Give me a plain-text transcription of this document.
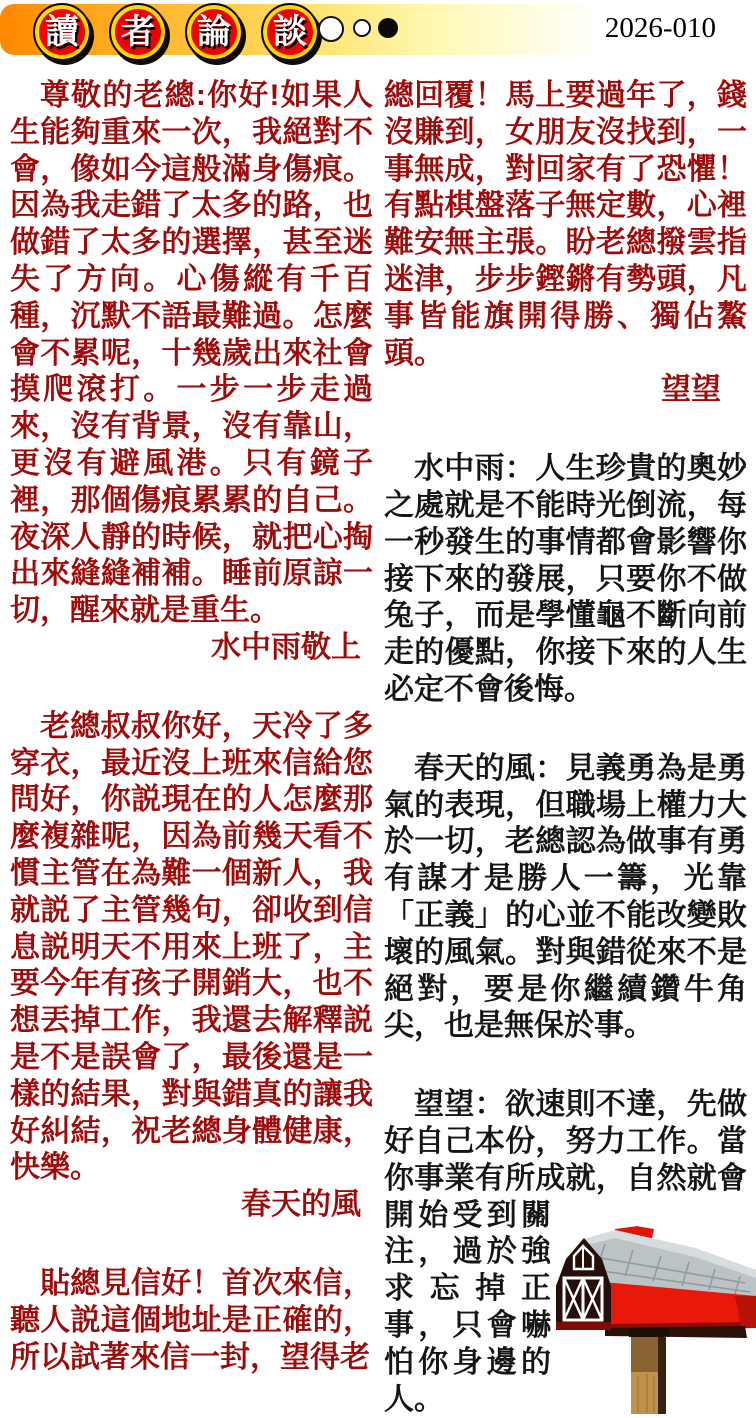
讀 者 論 談	2026-010

尊敬的老總:你好!如果人生能夠重來一次，我絕對不會，像如今這般滿身傷痕。因為我走錯了太多的路，也做錯了太多的選擇，甚至迷失了方向。心傷縱有千百種，沉默不語最難過。怎麼會不累呢，十幾歲出來社會摸爬滾打。一步一步走過來，沒有背景，沒有靠山，更沒有避風港。只有鏡子裡，那個傷痕累累的自己。夜深人靜的時候，就把心掏出來縫縫補補。睡前原諒一切，醒來就是重生。
水中雨敬上

老總叔叔你好，天冷了多穿衣，最近沒上班來信給您問好，你説現在的人怎麼那麼複雜呢，因為前幾天看不慣主管在為難一個新人，我就説了主管幾句，卻收到信息説明天不用來上班了，主要今年有孩子開銷大，也不想丟掉工作，我還去解釋説是不是誤會了，最後還是一樣的結果，對與錯真的讓我好糾結，祝老總身體健康，快樂。
春天的風

貼總見信好！首次來信，聽人説這個地址是正確的，所以試著來信一封，望得老

總回覆！馬上要過年了，錢沒賺到，女朋友沒找到，一事無成，對回家有了恐懼！有點棋盤落子無定數，心裡難安無主張。盼老總撥雲指迷津，步步鏗鏘有勢頭，凡事皆能旗開得勝、獨佔鰲頭。
望望

水中雨：人生珍貴的奧妙之處就是不能時光倒流，每一秒發生的事情都會影響你接下來的發展，只要你不做兔子，而是學懂龜不斷向前走的優點，你接下來的人生必定不會後悔。

春天的風：見義勇為是勇氣的表現，但職場上權力大於一切，老總認為做事有勇有謀才是勝人一籌，光靠「正義」的心並不能改變敗壞的風氣。對與錯從來不是絕對，要是你繼續鑽牛角尖，也是無保於事。

望望：欲速則不達，先做好自己本份，努力工作。當你事業有所成就，自然就會開始受到關
注，過於強求忘掉正事，只會嚇怕你身邊的人。
